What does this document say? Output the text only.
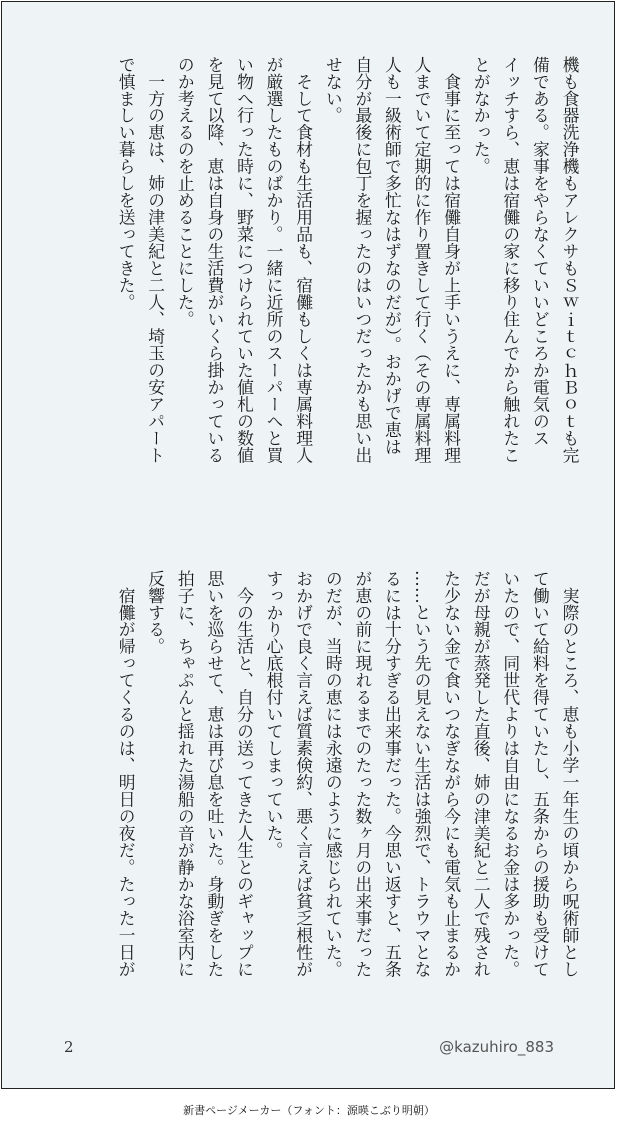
機も食器洗浄機もアレクサもＳｗｉｔｃｈＢｏｔも完

備である。家事をやらなくていいどころか電気のス

イッチすら、恵は宿儺の家に移り住んでから触れたこ

とがなかった。

　食事に至っては宿儺自身が上手いうえに、専属料理

人までいて定期的に作り置きして行く（その専属料理

人も一級術師で多忙なはずなのだが）。おかげで恵は

自分が最後に包丁を握ったのはいつだったかも思い出

せない。

　そして食材も生活用品も、宿儺もしくは専属料理人

が厳選したものばかり。一緒に近所のスーパーへと買

い物へ行った時に、野菜につけられていた値札の数値

を見て以降、恵は自身の生活費がいくら掛かっている

のか考えるのを止めることにした。

　一方の恵は、姉の津美紀と二人、埼玉の安アパート

で慎ましい暮らしを送ってきた。

　実際のところ、恵も小学一年生の頃から呪術師とし

て働いて給料を得ていたし、五条からの援助も受けて

いたので、同世代よりは自由になるお金は多かった。

だが母親が蒸発した直後、姉の津美紀と二人で残され

た少ない金で食いつなぎながら今にも電気も止まるか

……という先の見えない生活は強烈で、トラウマとな

るには十分すぎる出来事だった。今思い返すと、五条

が恵の前に現れるまでのたった数ヶ月の出来事だった

のだが、当時の恵には永遠のように感じられていた。

おかげで良く言えば質素倹約、悪く言えば貧乏根性が

すっかり心底根付いてしまっていた。

　今の生活と、自分の送ってきた人生とのギャップに

思いを巡らせて、恵は再び息を吐いた。身動ぎをした

拍子に、ちゃぷんと揺れた湯船の音が静かな浴室内に

反響する。

　宿儺が帰ってくるのは、明日の夜だ。たった一日が

2	@kazuhiro_883
新書ページメーカー（フォント：源暎こぶり明朝）
